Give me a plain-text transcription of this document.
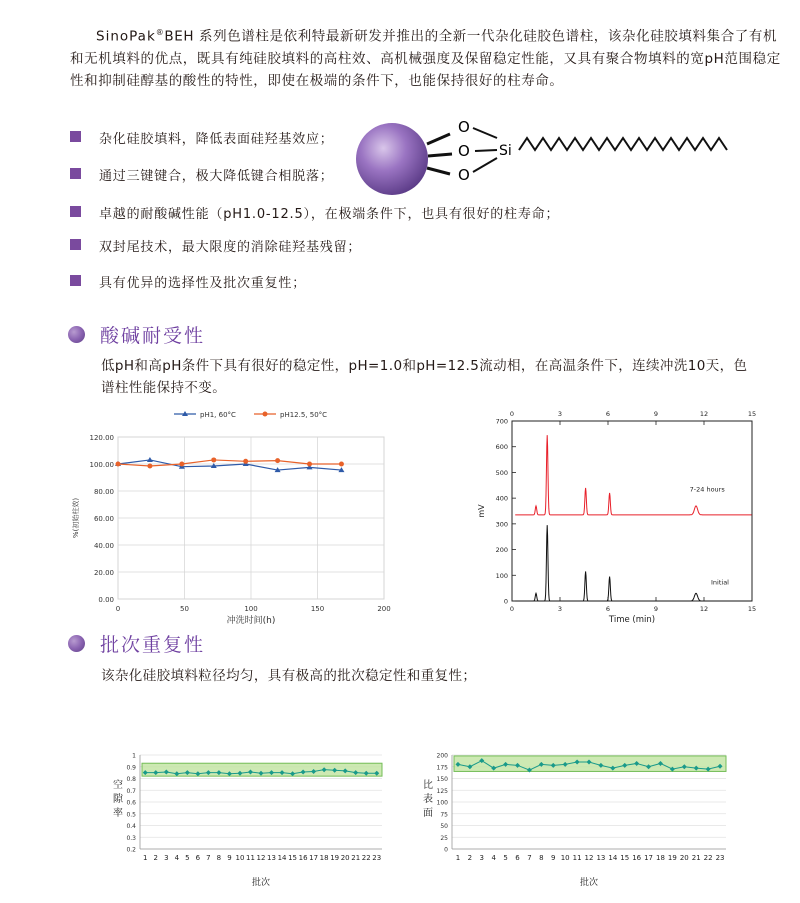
SinoPak®BEH 系列色谱柱是依利特最新研发并推出的全新一代杂化硅胶色谱柱，该杂化硅胶填料集合了有机和无机填料的优点，既具有纯硅胶填料的高柱效、高机械强度及保留稳定性能，又具有聚合物填料的宽pH范围稳定性和抑制硅醇基的酸性的特性，即使在极端的条件下，也能保持很好的柱寿命。
杂化硅胶填料，降低表面硅羟基效应；
通过三键键合，极大降低键合相脱落；
卓越的耐酸碱性能（pH1.0-12.5），在极端条件下，也具有很好的柱寿命；
双封尾技术，最大限度的消除硅羟基残留；
具有优异的选择性及批次重复性；
O
O
O
Si
酸碱耐受性
低pH和高pH条件下具有很好的稳定性，pH=1.0和pH=12.5流动相，在高温条件下，连续冲洗10天，色谱柱性能保持不变。
0.00
20.00
40.00
60.00
80.00
100.00
120.00
0	50	100	150	200
冲洗时间(h)
%(初始柱效)
pH1, 60°C	pH12.5, 50°C
0
0
3
3
6
6
9
9
12
12
15
15
0
100
200
300
400
500
600
700
Time (min)
mV
7-24 hours
Initial
批次重复性
该杂化硅胶填料粒径均匀，具有极高的批次稳定性和重复性；
0.2
0.3
0.4
0.5
0.6
0.7
0.8
0.9
1
1 2 3 4 5 6 7 8 9 10 11 12 13 14 15 16 17 18 19 20 21 22 23
批次
空隙率
0
25
50
75
100
125
150
175
200
1 2 3 4 5 6 7 8 9 10 11 12 13 14 15 16 17 18 19 20 21 22 23
批次
比表面
